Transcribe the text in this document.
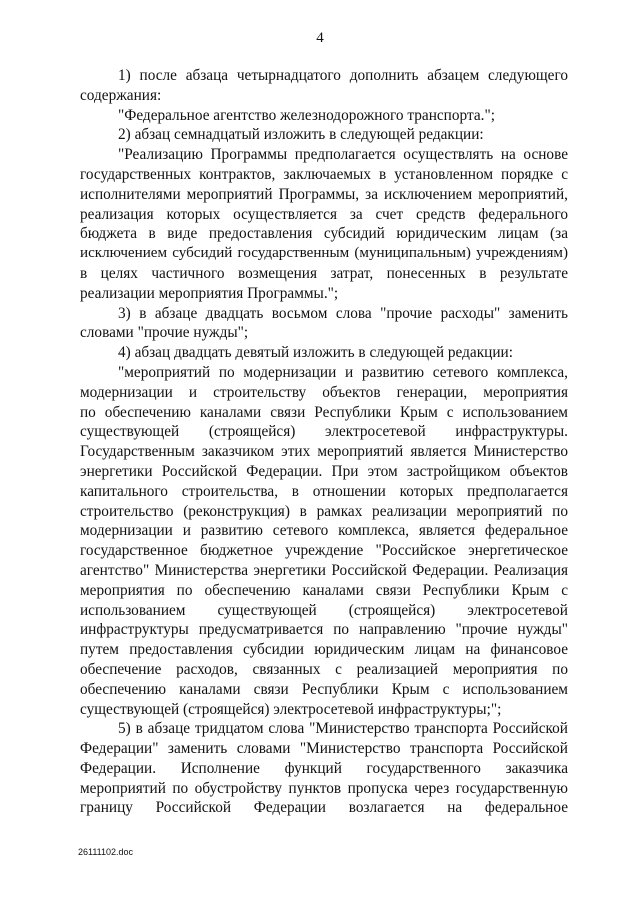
4
1) после абзаца четырнадцатого дополнить абзацем следующего
содержания:
"Федеральное агентство железнодорожного транспорта.";
2) абзац семнадцатый изложить в следующей редакции:
"Реализацию Программы предполагается осуществлять на основе
государственных контрактов, заключаемых в установленном порядке с
исполнителями мероприятий Программы, за исключением мероприятий,
реализация которых осуществляется за счет средств федерального
бюджета в виде предоставления субсидий юридическим лицам (за
исключением субсидий государственным (муниципальным) учреждениям)
в целях частичного возмещения затрат, понесенных в результате
реализации мероприятия Программы.";
3) в абзаце двадцать восьмом слова "прочие расходы" заменить
словами "прочие нужды";
4) абзац двадцать девятый изложить в следующей редакции:
"мероприятий по модернизации и развитию сетевого комплекса,
модернизации и строительству объектов генерации, мероприятия
по обеспечению каналами связи Республики Крым с использованием
существующей (строящейся) электросетевой инфраструктуры.
Государственным заказчиком этих мероприятий является Министерство
энергетики Российской Федерации. При этом застройщиком объектов
капитального строительства, в отношении которых предполагается
строительство (реконструкция) в рамках реализации мероприятий по
модернизации и развитию сетевого комплекса, является федеральное
государственное бюджетное учреждение "Российское энергетическое
агентство" Министерства энергетики Российской Федерации. Реализация
мероприятия по обеспечению каналами связи Республики Крым с
использованием существующей (строящейся) электросетевой
инфраструктуры предусматривается по направлению "прочие нужды"
путем предоставления субсидии юридическим лицам на финансовое
обеспечение расходов, связанных с реализацией мероприятия по
обеспечению каналами связи Республики Крым с использованием
существующей (строящейся) электросетевой инфраструктуры;";
5) в абзаце тридцатом слова "Министерство транспорта Российской
Федерации" заменить словами "Министерство транспорта Российской
Федерации. Исполнение функций государственного заказчика
мероприятий по обустройству пунктов пропуска через государственную
границу Российской Федерации возлагается на федеральное
26111102.doc
